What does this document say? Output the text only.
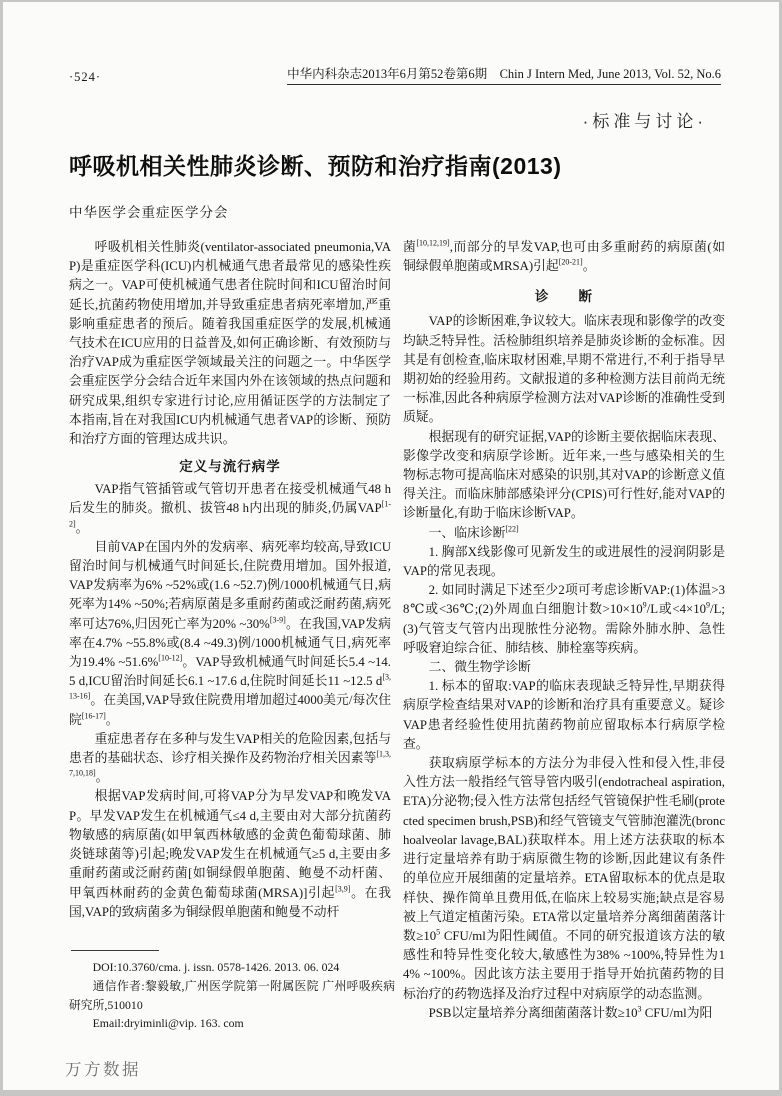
·524·	中华内科杂志2013年6月第52卷第6期　Chin J Intern Med, June 2013, Vol. 52, No.6
·标准与讨论·
呼吸机相关性肺炎诊断、预防和治疗指南(2013)
中华医学会重症医学分会

呼吸机相关性肺炎(ventilator-associated pneumonia,VAP)是重症医学科(ICU)内机械通气患者最常见的感染性疾病之一。VAP可使机械通气患者住院时间和ICU留治时间延长,抗菌药物使用增加,并导致重症患者病死率增加,严重影响重症患者的预后。随着我国重症医学的发展,机械通气技术在ICU应用的日益普及,如何正确诊断、有效预防与治疗VAP成为重症医学领域最关注的问题之一。中华医学会重症医学分会结合近年来国内外在该领域的热点问题和研究成果,组织专家进行讨论,应用循证医学的方法制定了本指南,旨在对我国ICU内机械通气患者VAP的诊断、预防和治疗方面的管理达成共识。

定义与流行病学

VAP指气管插管或气管切开患者在接受机械通气48 h后发生的肺炎。撤机、拔管48 h内出现的肺炎,仍属VAP[1-2]。

目前VAP在国内外的发病率、病死率均较高,导致ICU留治时间与机械通气时间延长,住院费用增加。国外报道,VAP发病率为6% ~52%或(1.6 ~52.7)例/1000机械通气日,病死率为14% ~50%;若病原菌是多重耐药菌或泛耐药菌,病死率可达76%,归因死亡率为20% ~30%[3-9]。在我国,VAP发病率在4.7% ~55.8%或(8.4 ~49.3)例/1000机械通气日,病死率为19.4% ~51.6%[10-12]。VAP导致机械通气时间延长5.4 ~14.5 d,ICU留治时间延长6.1 ~17.6 d,住院时间延长11 ~12.5 d[3,13-16]。在美国,VAP导致住院费用增加超过4000美元/每次住院[16-17]。

重症患者存在多种与发生VAP相关的危险因素,包括与患者的基础状态、诊疗相关操作及药物治疗相关因素等[1,3,7,10,18]。

根据VAP发病时间,可将VAP分为早发VAP和晚发VAP。早发VAP发生在机械通气≤4 d,主要由对大部分抗菌药物敏感的病原菌(如甲氧西林敏感的金黄色葡萄球菌、肺炎链球菌等)引起;晚发VAP发生在机械通气≥5 d,主要由多重耐药菌或泛耐药菌[如铜绿假单胞菌、鲍曼不动杆菌、甲氧西林耐药的金黄色葡萄球菌(MRSA)]引起[3,9]。在我国,VAP的致病菌多为铜绿假单胞菌和鲍曼不动杆

菌[10,12,19],而部分的早发VAP,也可由多重耐药的病原菌(如铜绿假单胞菌或MRSA)引起[20-21]。

诊　　断

VAP的诊断困难,争议较大。临床表现和影像学的改变均缺乏特异性。活检肺组织培养是肺炎诊断的金标准。因其是有创检查,临床取材困难,早期不常进行,不利于指导早期初始的经验用药。文献报道的多种检测方法目前尚无统一标准,因此各种病原学检测方法对VAP诊断的准确性受到质疑。

根据现有的研究证据,VAP的诊断主要依据临床表现、影像学改变和病原学诊断。近年来,一些与感染相关的生物标志物可提高临床对感染的识别,其对VAP的诊断意义值得关注。而临床肺部感染评分(CPIS)可行性好,能对VAP的诊断量化,有助于临床诊断VAP。

一、临床诊断[22]

1. 胸部X线影像可见新发生的或进展性的浸润阴影是VAP的常见表现。

2. 如同时满足下述至少2项可考虑诊断VAP:(1)体温>38℃或<36℃;(2)外周血白细胞计数$>10\times 10^9/L$或$<4\times 10^9/L;(3)$气管支气管内出现脓性分泌物。需除外肺水肿、急性呼吸窘迫综合征、肺结核、肺栓塞等疾病。

二、微生物学诊断

1. 标本的留取:VAP的临床表现缺乏特异性,早期获得病原学检查结果对VAP的诊断和治疗具有重要意义。疑诊VAP患者经验性使用抗菌药物前应留取标本行病原学检查。

获取病原学标本的方法分为非侵入性和侵入性,非侵入性方法一般指经气管导管内吸引(endotracheal aspiration,ETA)分泌物;侵入性方法常包括经气管镜保护性毛刷(protected specimen brush,PSB)和经气管镜支气管肺泡灌洗(bronchoalveolar lavage,BAL)获取样本。用上述方法获取的标本进行定量培养有助于病原微生物的诊断,因此建议有条件的单位应开展细菌的定量培养。ETA留取标本的优点是取样快、操作简单且费用低,在临床上较易实施;缺点是容易被上气道定植菌污染。ETA常以定量培养分离细菌菌落计数$\ge 10^5$ CFU/ml为阳性阈值。不同的研究报道该方法的敏感性和特异性变化较大,敏感性为38% ~100%,特异性为14% ~100%。因此该方法主要用于指导开始抗菌药物的目标治疗的药物选择及治疗过程中对病原学的动态监测。

PSB以定量培养分离细菌菌落计数$\ge 10^3$ CFU/ml为阳

DOI:10.3760/cma. j. issn. 0578-1426. 2013. 06. 024

通信作者:黎毅敏,广州医学院第一附属医院 广州呼吸疾病研究所,510010

Email:dryiminli@vip. 163. com

万方数据
